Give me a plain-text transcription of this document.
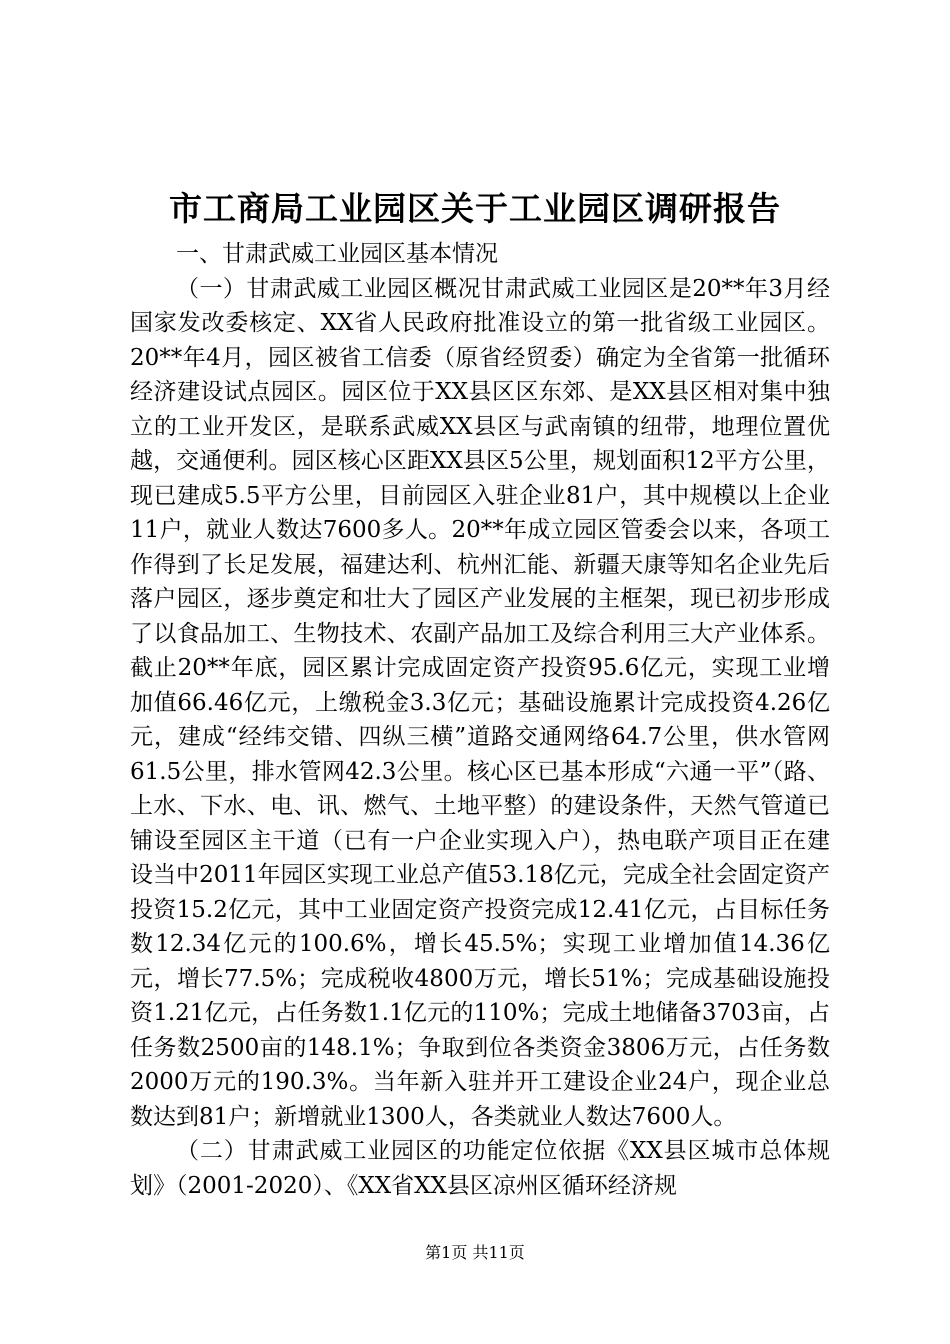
市工商局工业园区关于工业园区调研报告

一、甘肃武威工业园区基本情况

（一）甘肃武威工业园区概况甘肃武威工业园区是20**年3月经国家发改委核定、XX省人民政府批准设立的第一批省级工业园区。20**年4月，园区被省工信委（原省经贸委）确定为全省第一批循环经济建设试点园区。园区位于XX县区区东郊、是XX县区相对集中独立的工业开发区，是联系武威XX县区与武南镇的纽带，地理位置优越，交通便利。园区核心区距XX县区5公里，规划面积12平方公里，现已建成5.5平方公里，目前园区入驻企业81户，其中规模以上企业11户，就业人数达7600多人。20**年成立园区管委会以来，各项工作得到了长足发展，福建达利、杭州汇能、新疆天康等知名企业先后落户园区，逐步奠定和壮大了园区产业发展的主框架，现已初步形成了以食品加工、生物技术、农副产品加工及综合利用三大产业体系。截止20**年底，园区累计完成固定资产投资95.6亿元，实现工业增加值66.46亿元，上缴税金3.3亿元；基础设施累计完成投资4.26亿元，建成“经纬交错、四纵三横”道路交通网络64.7公里，供水管网61.5公里，排水管网42.3公里。核心区已基本形成“六通一平”（路、上水、下水、电、讯、燃气、土地平整）的建设条件，天然气管道已铺设至园区主干道（已有一户企业实现入户），热电联产项目正在建设当中2011年园区实现工业总产值53.18亿元，完成全社会固定资产投资15.2亿元，其中工业固定资产投资完成12.41亿元，占目标任务数12.34亿元的100.6%，增长45.5%；实现工业增加值14.36亿元，增长77.5%；完成税收4800万元，增长51%；完成基础设施投资1.21亿元，占任务数1.1亿元的110%；完成土地储备3703亩，占任务数2500亩的148.1%；争取到位各类资金3806万元，占任务数2000万元的190.3%。当年新入驻并开工建设企业24户，现企业总数达到81户；新增就业1300人，各类就业人数达7600人。

（二）甘肃武威工业园区的功能定位依据《XX县区城市总体规划》（2001-2020）、《XX省XX县区凉州区循环经济规

第1页 共11页
